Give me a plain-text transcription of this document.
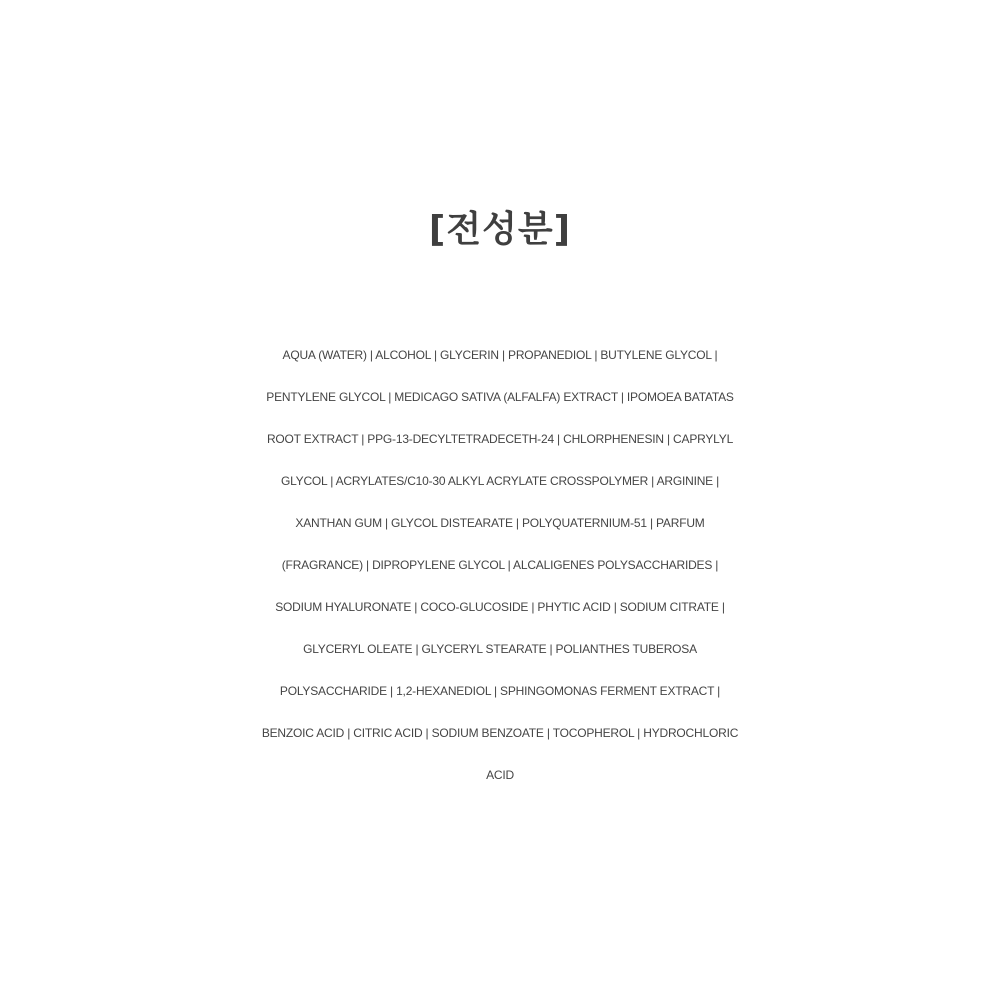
[전성분]
AQUA (WATER) | ALCOHOL | GLYCERIN | PROPANEDIOL | BUTYLENE GLYCOL |
PENTYLENE GLYCOL | MEDICAGO SATIVA (ALFALFA) EXTRACT | IPOMOEA BATATAS
ROOT EXTRACT | PPG-13-DECYLTETRADECETH-24 | CHLORPHENESIN | CAPRYLYL
GLYCOL | ACRYLATES/C10-30 ALKYL ACRYLATE CROSSPOLYMER | ARGININE |
XANTHAN GUM | GLYCOL DISTEARATE | POLYQUATERNIUM-51 | PARFUM
(FRAGRANCE) | DIPROPYLENE GLYCOL | ALCALIGENES POLYSACCHARIDES |
SODIUM HYALURONATE | COCO-GLUCOSIDE | PHYTIC ACID | SODIUM CITRATE |
GLYCERYL OLEATE | GLYCERYL STEARATE | POLIANTHES TUBEROSA
POLYSACCHARIDE | 1,2-HEXANEDIOL | SPHINGOMONAS FERMENT EXTRACT |
BENZOIC ACID | CITRIC ACID | SODIUM BENZOATE | TOCOPHEROL | HYDROCHLORIC
ACID
